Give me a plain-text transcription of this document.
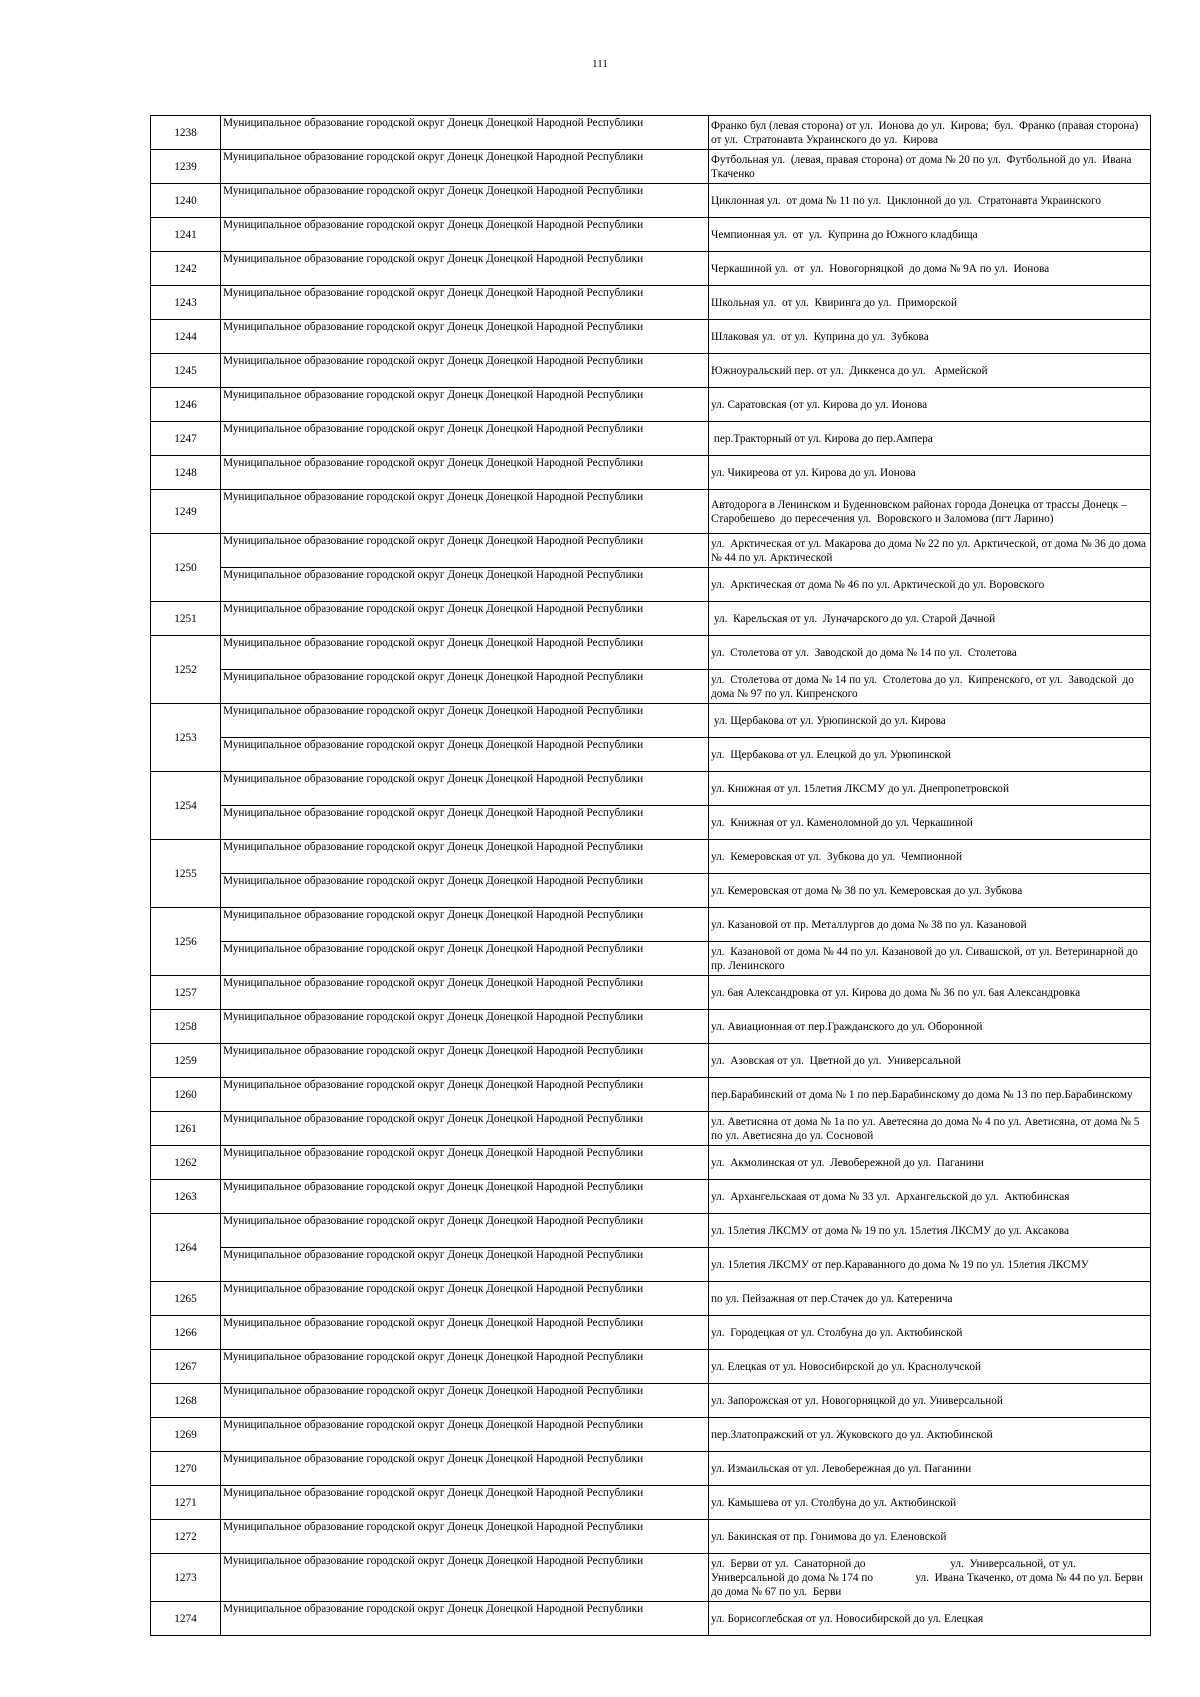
111
1238	Муниципальное образование городской округ Донецк Донецкой Народной Республики	Франко бул (левая сторона) от ул.  Ионова до ул.  Кирова;  бул.  Франко (правая сторона) от ул.  Стратонавта Украинского до ул.  Кирова
1239	Муниципальное образование городской округ Донецк Донецкой Народной Республики	Футбольная ул.  (левая, правая сторона) от дома № 20 по ул.  Футбольной до ул.  Ивана Ткаченко
1240	Муниципальное образование городской округ Донецк Донецкой Народной Республики	Циклонная ул.  от дома № 11 по ул.  Циклонной до ул.  Стратонавта Украинского
1241	Муниципальное образование городской округ Донецк Донецкой Народной Республики	Чемпионная ул.  от  ул.  Куприна до Южного кладбища
1242	Муниципальное образование городской округ Донецк Донецкой Народной Республики	Черкашиной ул.  от  ул.  Новогорняцкой  до дома № 9А по ул.  Ионова
1243	Муниципальное образование городской округ Донецк Донецкой Народной Республики	Школьная ул.  от ул.  Квиринга до ул.  Приморской
1244	Муниципальное образование городской округ Донецк Донецкой Народной Республики	Шлаковая ул.  от ул.  Куприна до ул.  Зубкова
1245	Муниципальное образование городской округ Донецк Донецкой Народной Республики	Южноуральский пер. от ул.  Диккенса до ул.   Армейской
1246	Муниципальное образование городской округ Донецк Донецкой Народной Республики	ул. Саратовская (от ул. Кирова до ул. Ионова
1247	Муниципальное образование городской округ Донецк Донецкой Народной Республики	пер.Тракторный от ул. Кирова до пер.Ампера
1248	Муниципальное образование городской округ Донецк Донецкой Народной Республики	ул. Чикиреова от ул. Кирова до ул. Ионова
1249	Муниципальное образование городской округ Донецк Донецкой Народной Республики	Автодорога в Ленинском и Буденновском районах города Донецка от трассы Донецк – Старобешево  до пересечения ул.  Воровского и Заломова (пгт Ларино)
1250	Муниципальное образование городской округ Донецк Донецкой Народной Республики	ул.  Арктическая от ул. Макарова до дома № 22 по ул. Арктической, от дома № 36 до дома № 44 по ул. Арктической
	Муниципальное образование городской округ Донецк Донецкой Народной Республики	ул.  Арктическая от дома № 46 по ул. Арктической до ул. Воровского
1251	Муниципальное образование городской округ Донецк Донецкой Народной Республики	ул.  Карельская от ул.  Луначарского до ул. Старой Дачной
1252	Муниципальное образование городской округ Донецк Донецкой Народной Республики	ул.  Столетова от ул.  Заводской до дома № 14 по ул.  Столетова
	Муниципальное образование городской округ Донецк Донецкой Народной Республики	ул.  Столетова от дома № 14 по ул.  Столетова до ул.  Кипренского, от ул.  Заводской  до дома № 97 по ул. Кипренского
1253	Муниципальное образование городской округ Донецк Донецкой Народной Республики	ул. Щербакова от ул. Урюпинской до ул. Кирова
	Муниципальное образование городской округ Донецк Донецкой Народной Республики	ул.  Щербакова от ул. Елецкой до ул. Урюпинской
1254	Муниципальное образование городской округ Донецк Донецкой Народной Республики	ул. Книжная от ул. 15летия ЛКСМУ до ул. Днепропетровской
	Муниципальное образование городской округ Донецк Донецкой Народной Республики	ул.  Книжная от ул. Каменоломной до ул. Черкашиной
1255	Муниципальное образование городской округ Донецк Донецкой Народной Республики	ул.  Кемеровская от ул.  Зубкова до ул.  Чемпионной
	Муниципальное образование городской округ Донецк Донецкой Народной Республики	ул. Кемеровская от дома № 38 по ул. Кемеровская до ул. Зубкова
1256	Муниципальное образование городской округ Донецк Донецкой Народной Республики	ул. Казановой от пр. Металлургов до дома № 38 по ул. Казановой
	Муниципальное образование городской округ Донецк Донецкой Народной Республики	ул.  Казановой от дома № 44 по ул. Казановой до ул. Сивашской, от ул. Ветеринарной до пр. Ленинского
1257	Муниципальное образование городской округ Донецк Донецкой Народной Республики	ул. 6ая Александровка от ул. Кирова до дома № 36 по ул. 6ая Александровка
1258	Муниципальное образование городской округ Донецк Донецкой Народной Республики	ул. Авиационная от пер.Гражданского до ул. Оборонной
1259	Муниципальное образование городской округ Донецк Донецкой Народной Республики	ул.  Азовская от ул.  Цветной до ул.  Универсальной
1260	Муниципальное образование городской округ Донецк Донецкой Народной Республики	пер.Барабинский от дома № 1 по пер.Барабинскому до дома № 13 по пер.Барабинскому
1261	Муниципальное образование городской округ Донецк Донецкой Народной Республики	ул. Аветисяна от дома № 1а по ул. Аветесяна до дома № 4 по ул. Аветисяна, от дома № 5 по ул. Аветисяна до ул. Сосновой
1262	Муниципальное образование городской округ Донецк Донецкой Народной Республики	ул.  Акмолинская от ул.  Левобережной до ул.  Паганини
1263	Муниципальное образование городской округ Донецк Донецкой Народной Республики	ул.  Архангельскаая от дома № 33 ул.  Архангельской до ул.  Актюбинская
1264	Муниципальное образование городской округ Донецк Донецкой Народной Республики	ул. 15летия ЛКСМУ от дома № 19 по ул. 15летия ЛКСМУ до ул. Аксакова
	Муниципальное образование городской округ Донецк Донецкой Народной Республики	ул. 15летия ЛКСМУ от пер.Караванного до дома № 19 по ул. 15летия ЛКСМУ
1265	Муниципальное образование городской округ Донецк Донецкой Народной Республики	по ул. Пейзажная от пер.Стачек до ул. Катеренича
1266	Муниципальное образование городской округ Донецк Донецкой Народной Республики	ул.  Городецкая от ул. Столбуна до ул. Актюбинской
1267	Муниципальное образование городской округ Донецк Донецкой Народной Республики	ул. Елецкая от ул. Новосибирской до ул. Краснолучской
1268	Муниципальное образование городской округ Донецк Донецкой Народной Республики	ул. Запорожская от ул. Новогорняцкой до ул. Универсальной
1269	Муниципальное образование городской округ Донецк Донецкой Народной Республики	пер.Златопражский от ул. Жуковского до ул. Актюбинской
1270	Муниципальное образование городской округ Донецк Донецкой Народной Республики	ул. Измаильская от ул. Левобережная до ул. Паганини
1271	Муниципальное образование городской округ Донецк Донецкой Народной Республики	ул. Камышева от ул. Столбуна до ул. Актюбинской
1272	Муниципальное образование городской округ Донецк Донецкой Народной Республики	ул. Бакинская от пр. Гонимова до ул. Еленовской
1273	Муниципальное образование городской округ Донецк Донецкой Народной Республики	ул.  Берви от ул.  Санаторной до                              ул.  Универсальной, от ул. Универсальной до дома № 174 по               ул.  Ивана Ткаченко, от дома № 44 по ул. Берви до дома № 67 по ул.  Берви
1274	Муниципальное образование городской округ Донецк Донецкой Народной Республики	ул. Борисоглебская от ул. Новосибирской до ул. Елецкая
